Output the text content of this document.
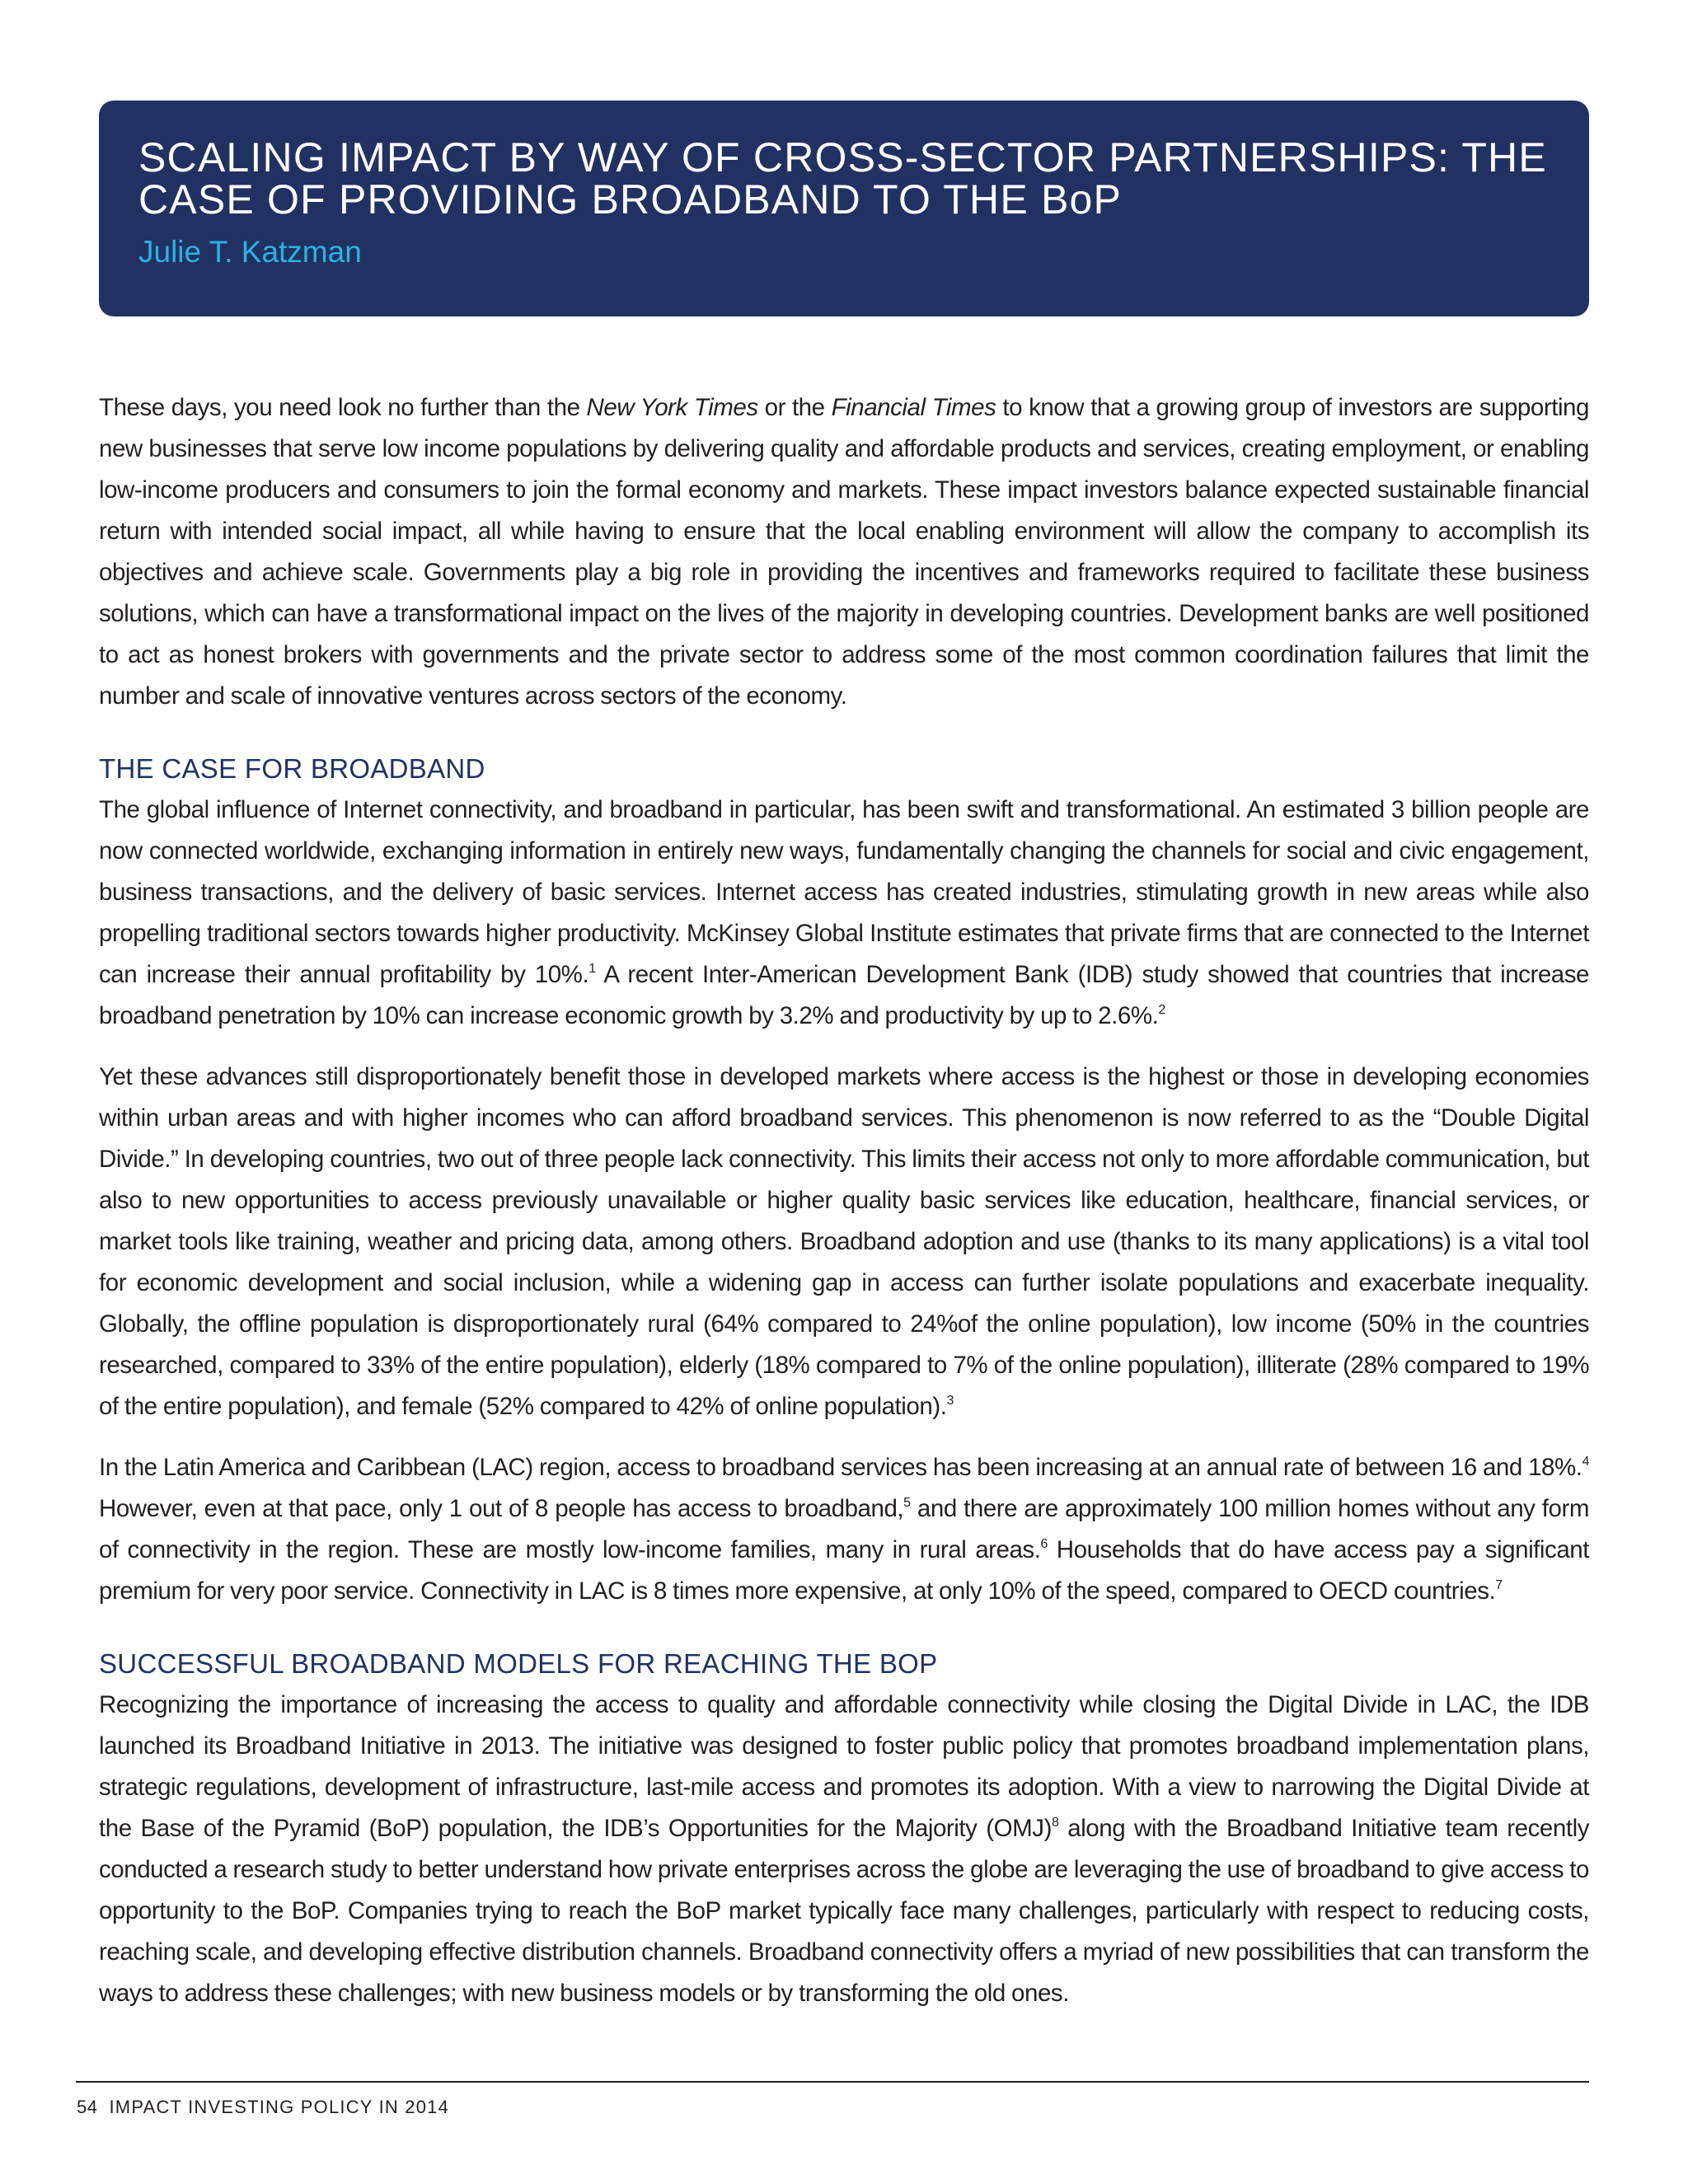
SCALING IMPACT BY WAY OF CROSS-SECTOR PARTNERSHIPS: THE
CASE OF PROVIDING BROADBAND TO THE BoP
Julie T. Katzman

These days, you need look no further than the New York Times or the Financial Times to know that a growing group of investors are supporting new businesses that serve low income populations by delivering quality and affordable products and services, creating employment, or enabling low-income producers and consumers to join the formal economy and markets. These impact investors balance expected sustainable financial return with intended social impact, all while having to ensure that the local enabling environment will allow the company to accomplish its objectives and achieve scale. Governments play a big role in providing the incentives and frameworks required to facilitate these business solutions, which can have a transformational impact on the lives of the majority in developing countries. Development banks are well positioned to act as honest brokers with governments and the private sector to address some of the most common coordination failures that limit the number and scale of innovative ventures across sectors of the economy.

THE CASE FOR BROADBAND

The global influence of Internet connectivity, and broadband in particular, has been swift and transformational. An estimated 3 billion people are now connected worldwide, exchanging information in entirely new ways, fundamentally changing the channels for social and civic engagement, business transactions, and the delivery of basic services. Internet access has created industries, stimulating growth in new areas while also propelling traditional sectors towards higher productivity. McKinsey Global Institute estimates that private firms that are connected to the Internet can increase their annual profitability by 10%.$^1$ A recent Inter-American Development Bank (IDB) study showed that countries that increase broadband penetration by 10% can increase economic growth by 3.2% and productivity by up to 2.6%.$^2$

Yet these advances still disproportionately benefit those in developed markets where access is the highest or those in developing economies within urban areas and with higher incomes who can afford broadband services. This phenomenon is now referred to as the “Double Digital Divide.” In developing countries, two out of three people lack connectivity. This limits their access not only to more affordable communication, but also to new opportunities to access previously unavailable or higher quality basic services like education, healthcare, financial services, or market tools like training, weather and pricing data, among others. Broadband adoption and use (thanks to its many applications) is a vital tool for economic development and social inclusion, while a widening gap in access can further isolate populations and exacerbate inequality. Globally, the offline population is disproportionately rural (64% compared to 24%of the online population), low income (50% in the countries researched, compared to 33% of the entire population), elderly (18% compared to 7% of the online population), illiterate (28% compared to 19% of the entire population), and female (52% compared to 42% of online population).$^3$

In the Latin America and Caribbean (LAC) region, access to broadband services has been increasing at an annual rate of between 16 and 18%.$^4$ However, even at that pace, only 1 out of 8 people has access to broadband,$^5$ and there are approximately 100 million homes without any form of connectivity in the region. These are mostly low-income families, many in rural areas.$^6$ Households that do have access pay a significant premium for very poor service. Connectivity in LAC is 8 times more expensive, at only 10% of the speed, compared to OECD countries.$^7$

SUCCESSFUL BROADBAND MODELS FOR REACHING THE BOP

Recognizing the importance of increasing the access to quality and affordable connectivity while closing the Digital Divide in LAC, the IDB launched its Broadband Initiative in 2013. The initiative was designed to foster public policy that promotes broadband implementation plans, strategic regulations, development of infrastructure, last-mile access and promotes its adoption. With a view to narrowing the Digital Divide at the Base of the Pyramid (BoP) population, the IDB’s Opportunities for the Majority (OMJ)$^8$ along with the Broadband Initiative team recently conducted a research study to better understand how private enterprises across the globe are leveraging the use of broadband to give access to opportunity to the BoP. Companies trying to reach the BoP market typically face many challenges, particularly with respect to reducing costs, reaching scale, and developing effective distribution channels. Broadband connectivity offers a myriad of new possibilities that can transform the ways to address these challenges; with new business models or by transforming the old ones.

54 IMPACT INVESTING POLICY IN 2014
